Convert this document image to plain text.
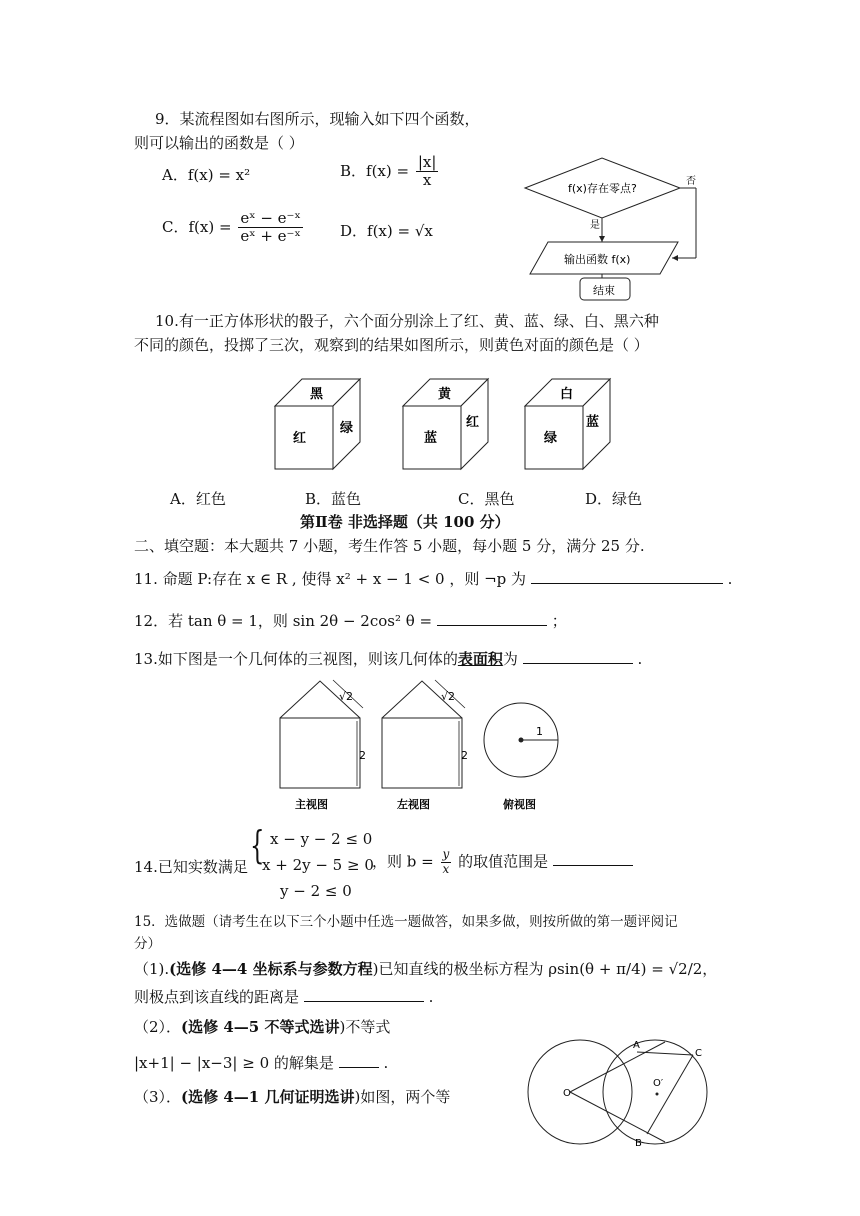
9．某流程图如右图所示，现输入如下四个函数，
则可以输出的函数是（ ）
A．f(x) = x²	B．$f(x) = \frac{|x|}{x}$
C．$f(x) = \frac{\text{eˣ − e⁻ˣ}}{\text{eˣ + e⁻ˣ}}$ D．f(x) = √x
f(x)存在零点?
否
是
输出函数 f(x)
结束
10.有一正方体形状的骰子，六个面分别涂上了红、黄、蓝、绿、白、黑六种
不同的颜色，投掷了三次，观察到的结果如图所示，则黄色对面的颜色是（ ）
黑
红
绿
黄
蓝
红
白
绿
蓝
A．红色	B．蓝色	C．黑色	D．绿色
第Ⅱ卷 非选择题（共 100 分）
二、填空题：本大题共 7 小题，考生作答 5 小题，每小题 5 分，满分 25 分.
11. 命题 P:存在 x ∈ R , 使得 x² + x − 1 < 0 ，则 ¬p 为	.
12．若 tan θ = 1，则 sin 2θ − 2cos² θ =	；
13.如下图是一个几何体的三视图，则该几何体的表面积为	.
√2
2
主视图
√2
2
左视图
1
俯视图
14.已知实数满足 { x − y − 2 ≤ 0
x + 2y − 5 ≥ 0
y − 2 ≤ 0
，则 $b = \frac{y}{x}$ 的取值范围是
15．选做题（请考生在以下三个小题中任选一题做答，如果多做，则按所做的第一题评阅记
分）
（1).(选修 4—4 坐标系与参数方程)已知直线的极坐标方程为 ρsin(θ + π/4) = √2/2，
则极点到该直线的距离是	.
（2）．(选修 4—5 不等式选讲)不等式
|x+1| − |x−3| ≥ 0 的解集是	.
（3）．(选修 4—1 几何证明选讲)如图，两个等
A
C
O
O′
B
